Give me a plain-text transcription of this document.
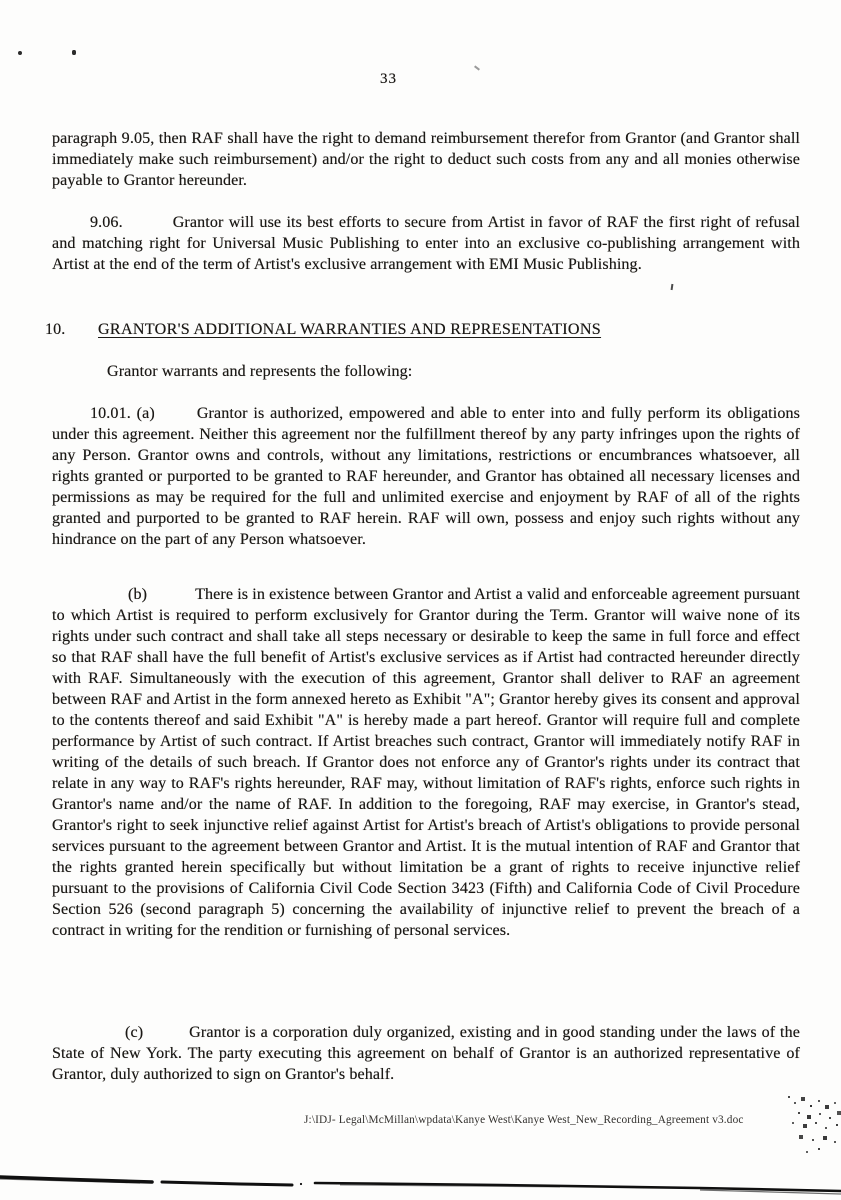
33

paragraph 9.05, then RAF shall have the right to demand reimbursement therefor from Grantor (and Grantor shall immediately make such reimbursement) and/or the right to deduct such costs from any and all monies otherwise payable to Grantor hereunder.

9.06.	Grantor will use its best efforts to secure from Artist in favor of RAF the first right of refusal and matching right for Universal Music Publishing to enter into an exclusive co-publishing arrangement with Artist at the end of the term of Artist's exclusive arrangement with EMI Music Publishing.

10. GRANTOR'S ADDITIONAL WARRANTIES AND REPRESENTATIONS

Grantor warrants and represents the following:

10.01. (a)	Grantor is authorized, empowered and able to enter into and fully perform its obligations under this agreement. Neither this agreement nor the fulfillment thereof by any party infringes upon the rights of any Person. Grantor owns and controls, without any limitations, restrictions or encumbrances whatsoever, all rights granted or purported to be granted to RAF hereunder, and Grantor has obtained all necessary licenses and permissions as may be required for the full and unlimited exercise and enjoyment by RAF of all of the rights granted and purported to be granted to RAF herein. RAF will own, possess and enjoy such rights without any hindrance on the part of any Person whatsoever.

(b)	There is in existence between Grantor and Artist a valid and enforceable agreement pursuant to which Artist is required to perform exclusively for Grantor during the Term. Grantor will waive none of its rights under such contract and shall take all steps necessary or desirable to keep the same in full force and effect so that RAF shall have the full benefit of Artist's exclusive services as if Artist had contracted hereunder directly with RAF. Simultaneously with the execution of this agreement, Grantor shall deliver to RAF an agreement between RAF and Artist in the form annexed hereto as Exhibit "A"; Grantor hereby gives its consent and approval to the contents thereof and said Exhibit "A" is hereby made a part hereof. Grantor will require full and complete performance by Artist of such contract. If Artist breaches such contract, Grantor will immediately notify RAF in writing of the details of such breach. If Grantor does not enforce any of Grantor's rights under its contract that relate in any way to RAF's rights hereunder, RAF may, without limitation of RAF's rights, enforce such rights in Grantor's name and/or the name of RAF. In addition to the foregoing, RAF may exercise, in Grantor's stead, Grantor's right to seek injunctive relief against Artist for Artist's breach of Artist's obligations to provide personal services pursuant to the agreement between Grantor and Artist. It is the mutual intention of RAF and Grantor that the rights granted herein specifically but without limitation be a grant of rights to receive injunctive relief pursuant to the provisions of California Civil Code Section 3423 (Fifth) and California Code of Civil Procedure Section 526 (second paragraph 5) concerning the availability of injunctive relief to prevent the breach of a contract in writing for the rendition or furnishing of personal services.

(c)	Grantor is a corporation duly organized, existing and in good standing under the laws of the State of New York. The party executing this agreement on behalf of Grantor is an authorized representative of Grantor, duly authorized to sign on Grantor's behalf.

J:\IDJ- Legal\McMillan\wpdata\Kanye West\Kanye West_New_Recording_Agreement v3.doc
